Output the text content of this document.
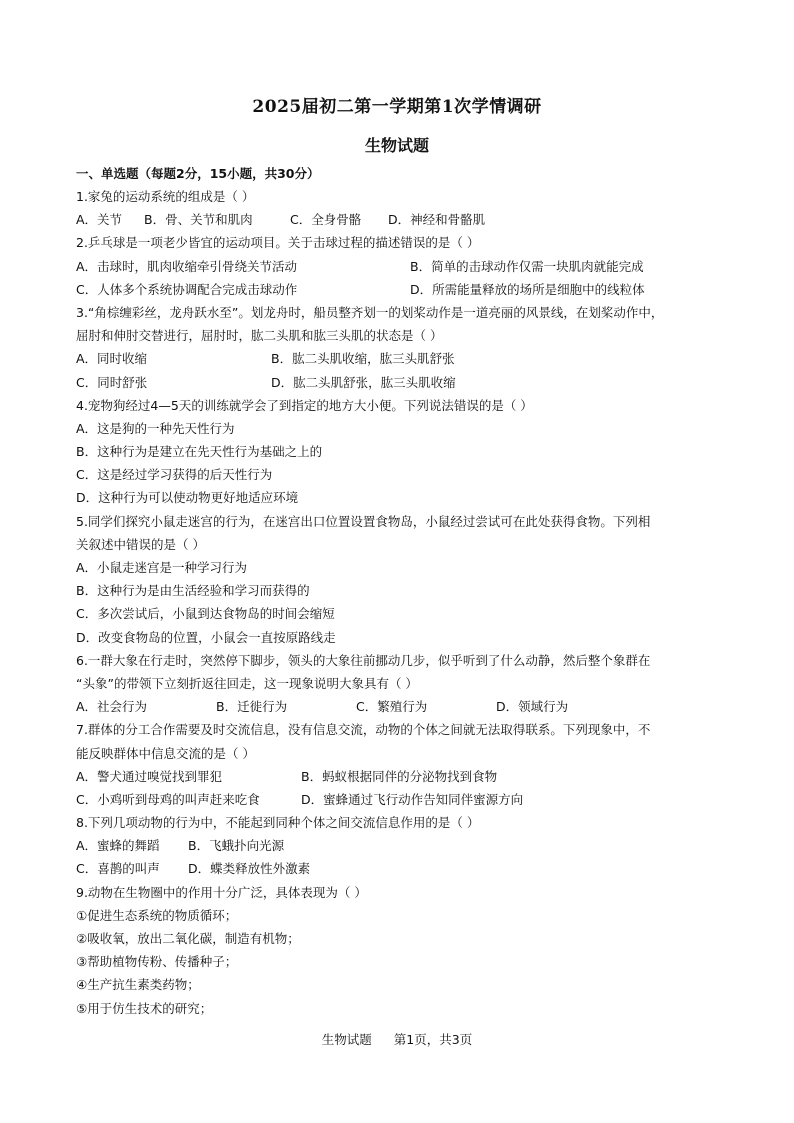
2025届初二第一学期第1次学情调研
生物试题
一、单选题（每题2分，15小题，共30分）
1.家兔的运动系统的组成是（ ）
A．关节	B．骨、关节和肌肉	C．全身骨骼	D．神经和骨骼肌
2.乒乓球是一项老少皆宜的运动项目。关于击球过程的描述错误的是（ ）
A．击球时，肌肉收缩牵引骨绕关节活动	B．简单的击球动作仅需一块肌肉就能完成
C．人体多个系统协调配合完成击球动作	D．所需能量释放的场所是细胞中的线粒体
3.“角棕缠彩丝，龙舟跃水至”。划龙舟时，船员整齐划一的划桨动作是一道亮丽的风景线，在划桨动作中，
屈肘和伸肘交替进行，屈肘时，肱二头肌和肱三头肌的状态是（ ）
A．同时收缩	B．肱二头肌收缩，肱三头肌舒张
C．同时舒张	D．肱二头肌舒张，肱三头肌收缩
4.宠物狗经过4—5天的训练就学会了到指定的地方大小便。下列说法错误的是（ ）
A．这是狗的一种先天性行为
B．这种行为是建立在先天性行为基础之上的
C．这是经过学习获得的后天性行为
D．这种行为可以使动物更好地适应环境
5.同学们探究小鼠走迷宫的行为，在迷宫出口位置设置食物岛，小鼠经过尝试可在此处获得食物。下列相
关叙述中错误的是（ ）
A．小鼠走迷宫是一种学习行为
B．这种行为是由生活经验和学习而获得的
C．多次尝试后，小鼠到达食物岛的时间会缩短
D．改变食物岛的位置，小鼠会一直按原路线走
6.一群大象在行走时，突然停下脚步，领头的大象往前挪动几步，似乎听到了什么动静，然后整个象群在
“头象”的带领下立刻折返往回走，这一现象说明大象具有（ ）
A．社会行为	B．迁徙行为	C．繁殖行为	D．领域行为
7.群体的分工合作需要及时交流信息，没有信息交流，动物的个体之间就无法取得联系。下列现象中，不
能反映群体中信息交流的是（ ）
A．警犬通过嗅觉找到罪犯	B．蚂蚁根据同伴的分泌物找到食物
C．小鸡听到母鸡的叫声赶来吃食	D．蜜蜂通过飞行动作告知同伴蜜源方向
8.下列几项动物的行为中，不能起到同种个体之间交流信息作用的是（ ）
A．蜜蜂的舞蹈	B．飞蛾扑向光源
C．喜鹊的叫声	D．蝶类释放性外激素
9.动物在生物圈中的作用十分广泛，具体表现为（ ）
①促进生态系统的物质循环；
②吸收氧，放出二氧化碳，制造有机物；
③帮助植物传粉、传播种子；
④生产抗生素类药物；
⑤用于仿生技术的研究；
生物试题 第1页，共3页
